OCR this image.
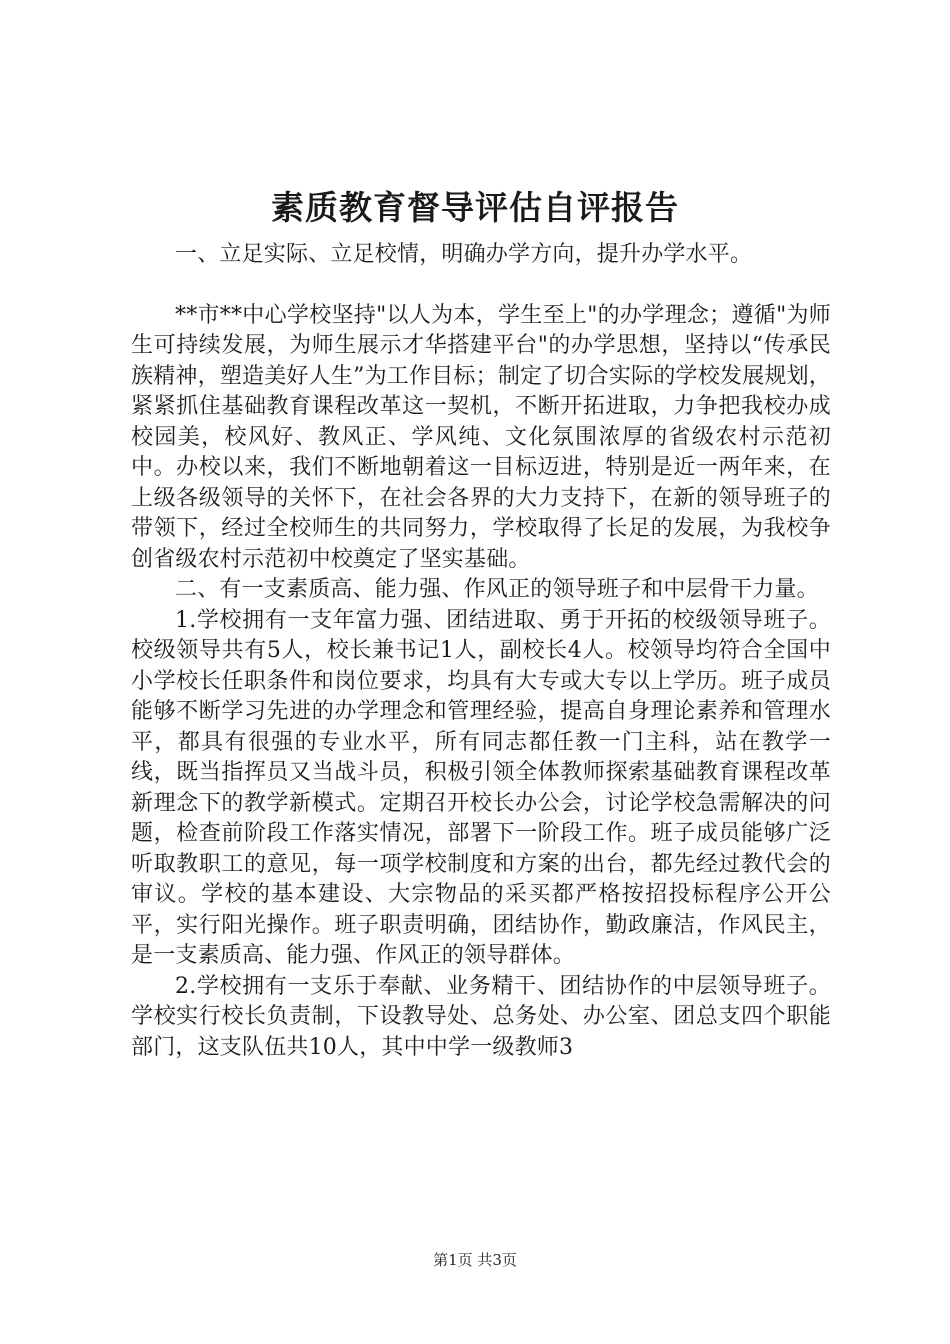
素质教育督导评估自评报告

一、立足实际、立足校情，明确办学方向，提升办学水平。

**市**中心学校坚持"以人为本，学生至上"的办学理念；遵循"为师生可持续发展，为师生展示才华搭建平台"的办学思想，坚持以“传承民族精神，塑造美好人生”为工作目标；制定了切合实际的学校发展规划，紧紧抓住基础教育课程改革这一契机，不断开拓进取，力争把我校办成校园美，校风好、教风正、学风纯、文化氛围浓厚的省级农村示范初中。办校以来，我们不断地朝着这一目标迈进，特别是近一两年来，在上级各级领导的关怀下，在社会各界的大力支持下，在新的领导班子的带领下，经过全校师生的共同努力，学校取得了长足的发展，为我校争创省级农村示范初中校奠定了坚实基础。

二、有一支素质高、能力强、作风正的领导班子和中层骨干力量。

1.学校拥有一支年富力强、团结进取、勇于开拓的校级领导班子。校级领导共有5人，校长兼书记1人，副校长4人。校领导均符合全国中小学校长任职条件和岗位要求，均具有大专或大专以上学历。班子成员能够不断学习先进的办学理念和管理经验，提高自身理论素养和管理水平，都具有很强的专业水平，所有同志都任教一门主科，站在教学一线，既当指挥员又当战斗员，积极引领全体教师探索基础教育课程改革新理念下的教学新模式。定期召开校长办公会，讨论学校急需解决的问题，检查前阶段工作落实情况，部署下一阶段工作。班子成员能够广泛听取教职工的意见，每一项学校制度和方案的出台，都先经过教代会的审议。学校的基本建设、大宗物品的采买都严格按招投标程序公开公平，实行阳光操作。班子职责明确，团结协作，勤政廉洁，作风民主，是一支素质高、能力强、作风正的领导群体。

2.学校拥有一支乐于奉献、业务精干、团结协作的中层领导班子。学校实行校长负责制，下设教导处、总务处、办公室、团总支四个职能部门，这支队伍共10人，其中中学一级教师3

第1页 共3页
